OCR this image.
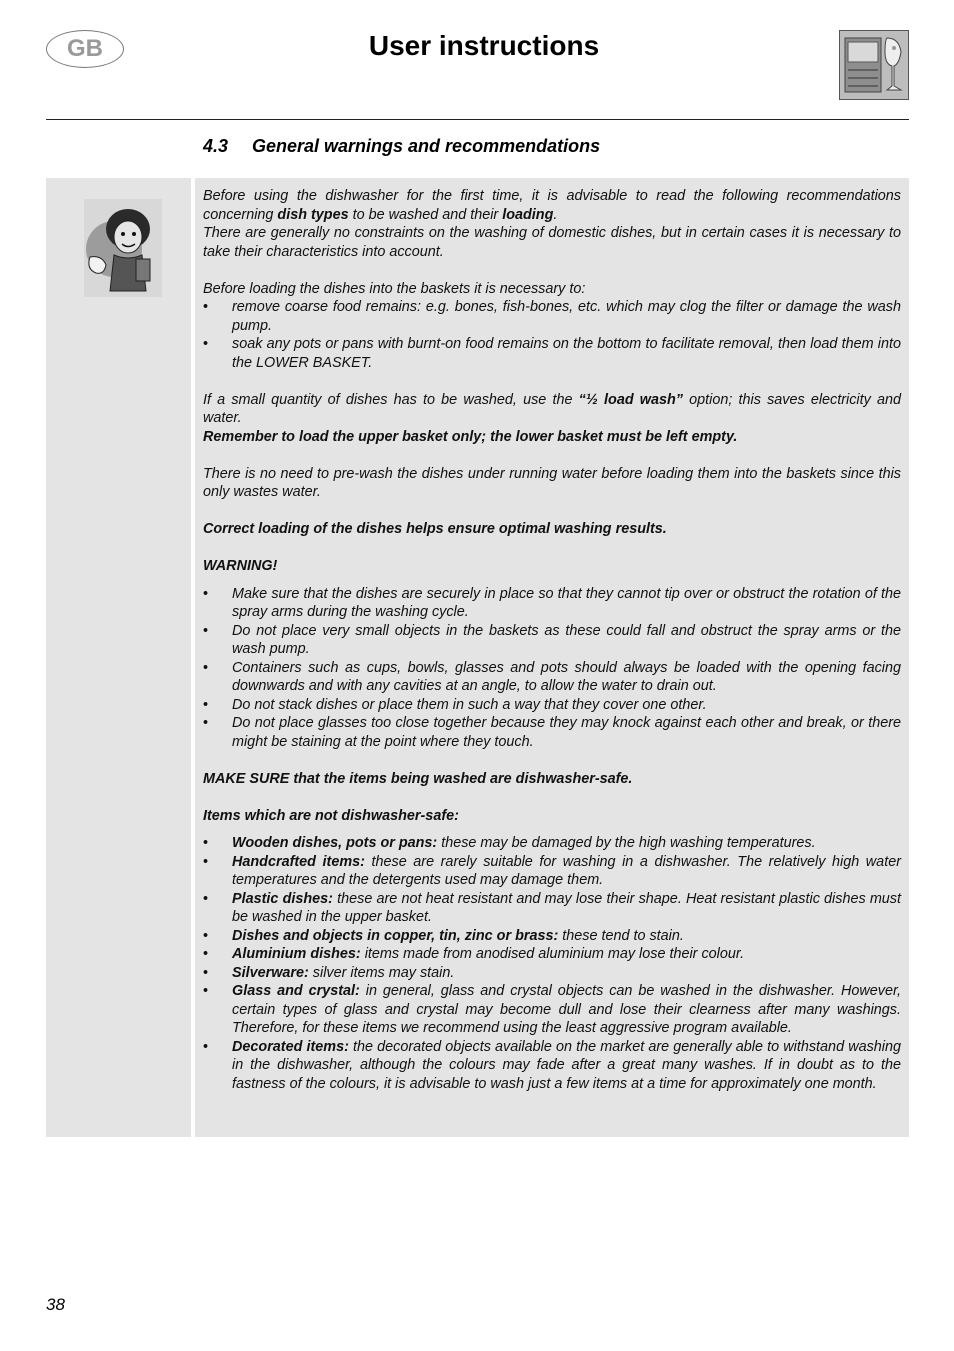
GB	User instructions
4.3 General warnings and recommendations

Before using the dishwasher for the first time, it is advisable to read the following recommendations concerning dish types to be washed and their loading.

There are generally no constraints on the washing of domestic dishes, but in certain cases it is necessary to take their characteristics into account.

Before loading the dishes into the baskets it is necessary to:

• remove coarse food remains: e.g. bones, fish-bones, etc. which may clog the filter or damage the wash pump.
• soak any pots or pans with burnt-on food remains on the bottom to facilitate removal, then load them into the LOWER BASKET.

If a small quantity of dishes has to be washed, use the “½ load wash” option; this saves electricity and water.

Remember to load the upper basket only; the lower basket must be left empty.

There is no need to pre-wash the dishes under running water before loading them into the baskets since this only wastes water.

Correct loading of the dishes helps ensure optimal washing results.

WARNING!

• Make sure that the dishes are securely in place so that they cannot tip over or obstruct the rotation of the spray arms during the washing cycle.
• Do not place very small objects in the baskets as these could fall and obstruct the spray arms or the wash pump.
• Containers such as cups, bowls, glasses and pots should always be loaded with the opening facing downwards and with any cavities at an angle, to allow the water to drain out.
• Do not stack dishes or place them in such a way that they cover one other.
• Do not place glasses too close together because they may knock against each other and break, or there might be staining at the point where they touch.

MAKE SURE that the items being washed are dishwasher-safe.

Items which are not dishwasher-safe:

• Wooden dishes, pots or pans: these may be damaged by the high washing temperatures.
• Handcrafted items: these are rarely suitable for washing in a dishwasher. The relatively high water temperatures and the detergents used may damage them.
• Plastic dishes: these are not heat resistant and may lose their shape. Heat resistant plastic dishes must be washed in the upper basket.
• Dishes and objects in copper, tin, zinc or brass: these tend to stain.
• Aluminium dishes: items made from anodised aluminium may lose their colour.
• Silverware: silver items may stain.
• Glass and crystal: in general, glass and crystal objects can be washed in the dishwasher. However, certain types of glass and crystal may become dull and lose their clearness after many washings. Therefore, for these items we recommend using the least aggressive program available.
• Decorated items: the decorated objects available on the market are generally able to withstand washing in the dishwasher, although the colours may fade after a great many washes. If in doubt as to the fastness of the colours, it is advisable to wash just a few items at a time for approximately one month.
38
